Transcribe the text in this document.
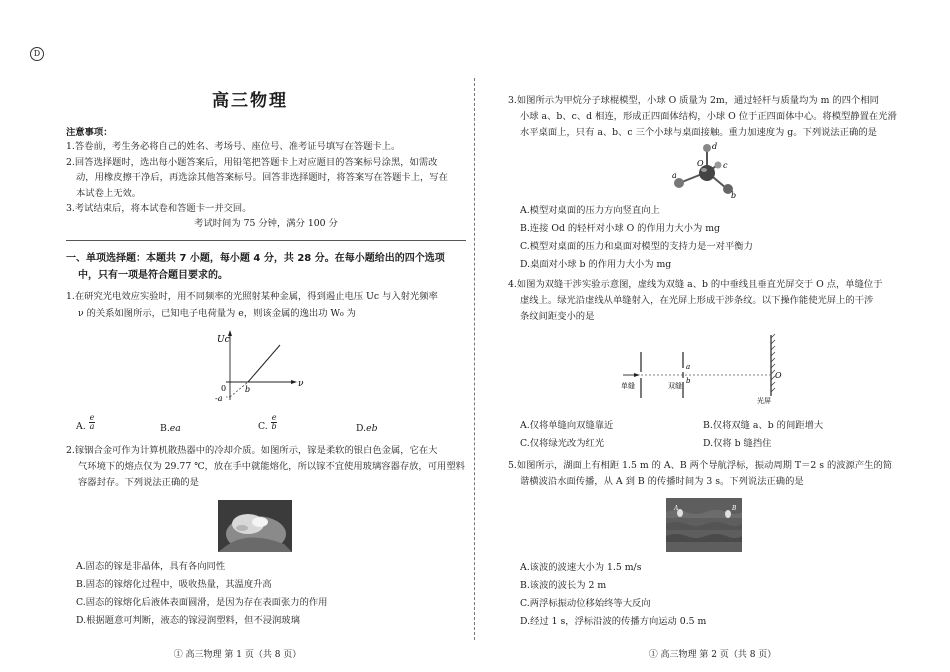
D
高三物理
注意事项：
1.答卷前，考生务必将自己的姓名、考场号、座位号、准考证号填写在答题卡上。
2.回答选择题时，选出每小题答案后，用铅笔把答题卡上对应题目的答案标号涂黑，如需改
动，用橡皮擦干净后，再选涂其他答案标号。回答非选择题时，将答案写在答题卡上，写在
本试卷上无效。
3.考试结束后，将本试卷和答题卡一并交回。
考试时间为 75 分钟，满分 100 分
一、单项选择题：本题共 7 小题，每小题 4 分，共 28 分。在每小题给出的四个选项
中，只有一项是符合题目要求的。
1.在研究光电效应实验时，用不同频率的光照射某种金属，得到遏止电压 Uc 与入射光频率
ν 的关系如图所示，已知电子电荷量为 e，则该金属的逸出功 W₀ 为
Uc
ν
0 b
-a
A. $\frac{e}{a}$	B.ea	C. $\frac{e}{b}$	D.eb
2.镓铟合金可作为计算机散热器中的冷却介质。如图所示，镓是柔软的银白色金属，它在大
气环境下的熔点仅为 29.77 ℃，放在手中就能熔化，所以镓不宜使用玻璃容器存放，可用塑料
容器封存。下列说法正确的是
A.固态的镓是非晶体，具有各向同性
B.固态的镓熔化过程中，吸收热量，其温度升高
C.固态的镓熔化后液体表面圆滑，是因为存在表面张力的作用
D.根据题意可判断，液态的镓浸润塑料，但不浸润玻璃
① 高三物理 第 1 页（共 8 页）
3.如图所示为甲烷分子球棍模型，小球 O 质量为 2m，通过轻杆与质量均为 m 的四个相同
小球 a、b、c、d 相连，形成正四面体结构，小球 O 位于正四面体中心。将模型静置在光滑
水平桌面上，只有 a、b、c 三个小球与桌面接触。重力加速度为 g。下列说法正确的是
d
c
O
a
b
A.模型对桌面的压力方向竖直向上
B.连接 Od 的轻杆对小球 O 的作用力大小为 mg
C.模型对桌面的压力和桌面对模型的支持力是一对平衡力
D.桌面对小球 b 的作用力大小为 mg
4.如图为双缝干涉实验示意图，虚线为双缝 a、b 的中垂线且垂直光屏交于 O 点，单缝位于
虚线上。绿光沿虚线从单缝射入，在光屏上形成干涉条纹。以下操作能使光屏上的干涉
条纹间距变小的是
单缝	双缝
a
b
O
光屏
A.仅将单缝向双缝靠近	B.仅将双缝 a、b 的间距增大
C.仅将绿光改为红光	D.仅将 b 缝挡住
5.如图所示，湖面上有相距 1.5 m 的 A、B 两个导航浮标，振动周期 T＝2 s 的波源产生的简
谐横波沿水面传播，从 A 到 B 的传播时间为 3 s。下列说法正确的是
A	B
A.该波的波速大小为 1.5 m/s
B.该波的波长为 2 m
C.两浮标振动位移始终等大反向
D.经过 1 s，浮标沿波的传播方向运动 0.5 m
① 高三物理 第 2 页（共 8 页）
